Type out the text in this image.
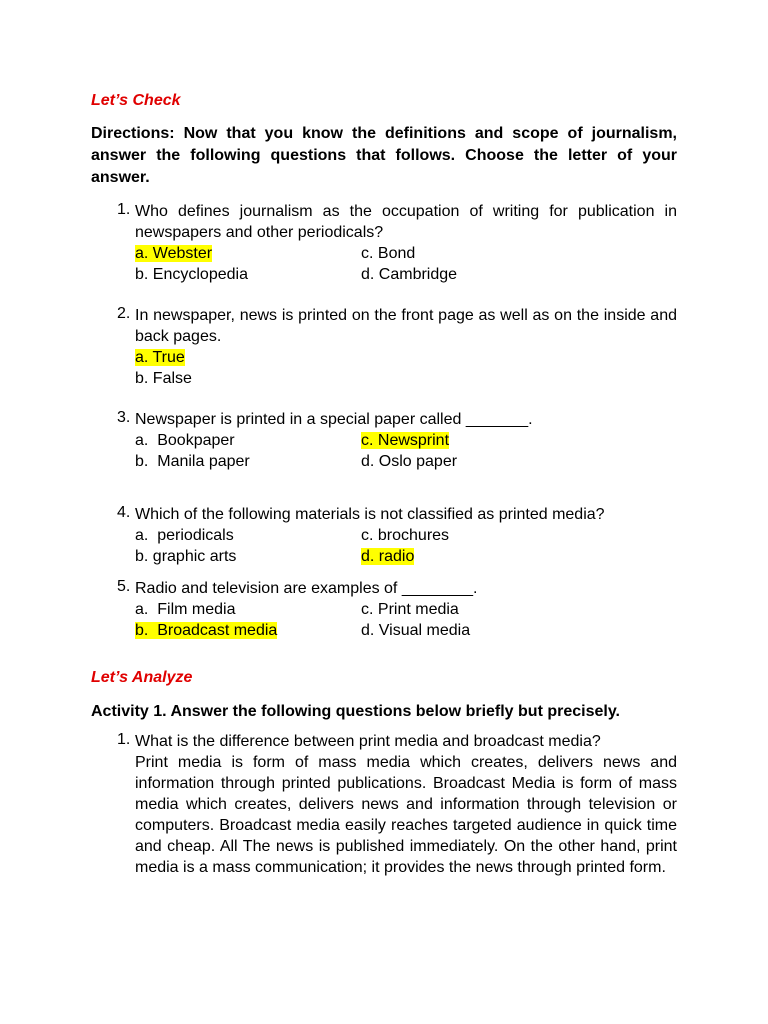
Let’s Check

Directions: Now that you know the definitions and scope of journalism, answer the following questions that follows. Choose the letter of your answer.

1. Who defines journalism as the occupation of writing for publication in newspapers and other periodicals?
a. Webster	c. Bond
b. Encyclopedia	d. Cambridge
2. In newspaper, news is printed on the front page as well as on the inside and back pages.
a. True
b. False
3. Newspaper is printed in a special paper called _______.
a.  Bookpaper	c. Newsprint
b.  Manila paper	d. Oslo paper
4. Which of the following materials is not classified as printed media?
a.  periodicals	c. brochures
b. graphic arts	d. radio
5. Radio and television are examples of ________.
a.  Film media	c. Print media
b.  Broadcast media	d. Visual media
Let’s Analyze

Activity 1. Answer the following questions below briefly but precisely.

1. What is the difference between print media and broadcast media?
Print media is form of mass media which creates, delivers news and information through printed publications. Broadcast Media is form of mass media which creates, delivers news and information through television or computers. Broadcast media easily reaches targeted audience in quick time and cheap. All The news is published immediately. On the other hand, print media is a mass communication; it provides the news through printed form.
